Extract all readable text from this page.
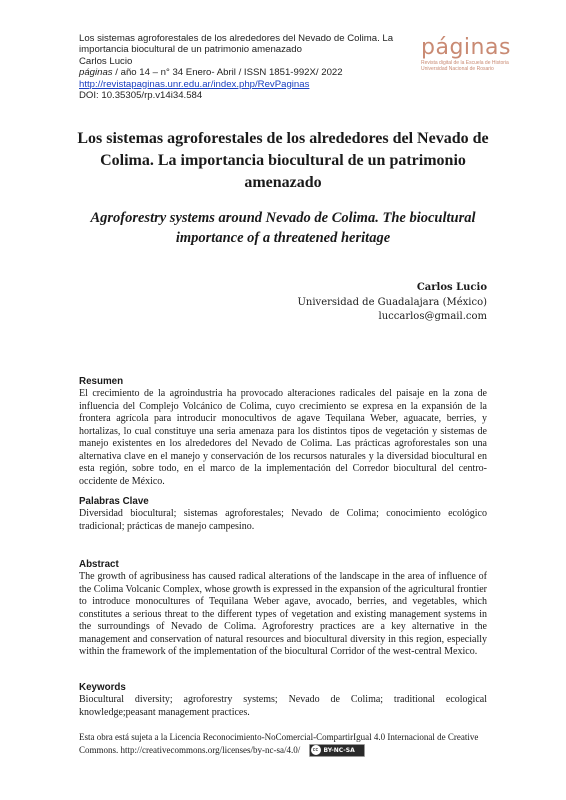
Los sistemas agroforestales de los alrededores del Nevado de Colima. La importancia biocultural de un patrimonio amenazado
Carlos Lucio
páginas / año 14 – n° 34 Enero- Abril / ISSN 1851-992X/ 2022
http://revistapaginas.unr.edu.ar/index.php/RevPaginas
DOI: 10.35305/rp.v14i34.584
páginas
Revista digital de la Escuela de Historia
Universidad Nacional de Rosario
Los sistemas agroforestales de los alrededores del Nevado de Colima. La importancia biocultural de un patrimonio amenazado
Agroforestry systems around Nevado de Colima. The biocultural importance of a threatened heritage
Carlos Lucio
Universidad de Guadalajara (México)
luccarlos@gmail.com
Resumen
El crecimiento de la agroindustria ha provocado alteraciones radicales del paisaje en la zona de influencia del Complejo Volcánico de Colima, cuyo crecimiento se expresa en la expansión de la frontera agrícola para introducir monocultivos de agave Tequilana Weber, aguacate, berries, y hortalizas, lo cual constituye una seria amenaza para los distintos tipos de vegetación y sistemas de manejo existentes en los alrededores del Nevado de Colima. Las prácticas agroforestales son una alternativa clave en el manejo y conservación de los recursos naturales y la diversidad biocultural en esta región, sobre todo, en el marco de la implementación del Corredor biocultural del centro-occidente de México.
Palabras Clave
Diversidad biocultural; sistemas agroforestales; Nevado de Colima; conocimiento ecológico tradicional; prácticas de manejo campesino.
Abstract
The growth of agribusiness has caused radical alterations of the landscape in the area of influence of the Colima Volcanic Complex, whose growth is expressed in the expansion of the agricultural frontier to introduce monocultures of Tequilana Weber agave, avocado, berries, and vegetables, which constitutes a serious threat to the different types of vegetation and existing management systems in the surroundings of Nevado de Colima. Agroforestry practices are a key alternative in the management and conservation of natural resources and biocultural diversity in this region, especially within the framework of the implementation of the biocultural Corridor of the west-central Mexico.
Keywords
Biocultural diversity; agroforestry systems; Nevado de Colima; traditional ecological knowledge;peasant management practices.
Esta obra está sujeta a la Licencia Reconocimiento-NoComercial-CompartirIgual 4.0 Internacional de Creative Commons. http://creativecommons.org/licenses/by-nc-sa/4.0/	cc BY-NC-SA
